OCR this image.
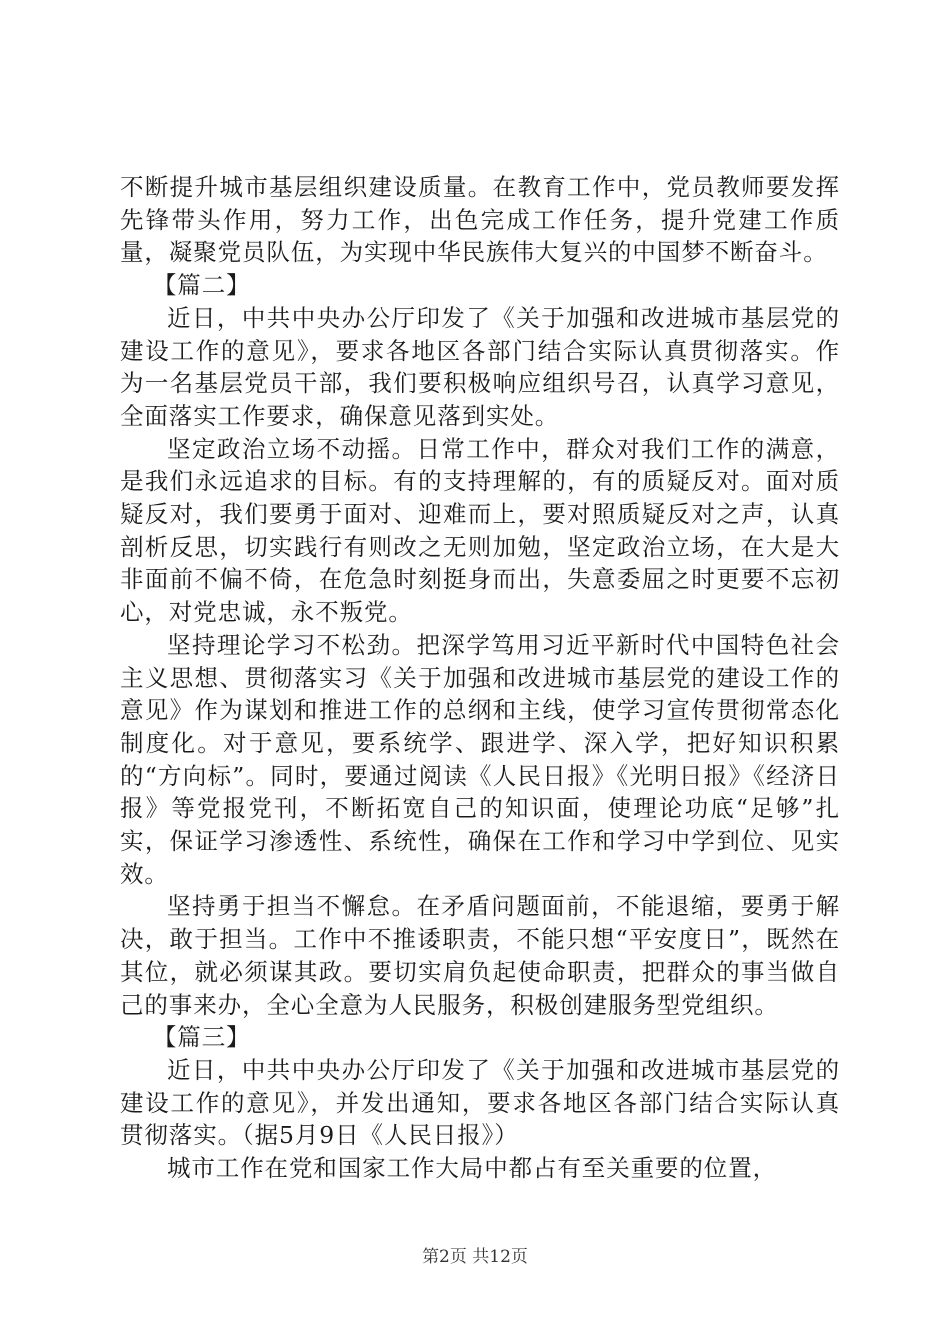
不断提升城市基层组织建设质量。在教育工作中，党员教师要发挥先锋带头作用，努力工作，出色完成工作任务，提升党建工作质量，凝聚党员队伍，为实现中华民族伟大复兴的中国梦不断奋斗。

【篇二】

近日，中共中央办公厅印发了《关于加强和改进城市基层党的建设工作的意见》，要求各地区各部门结合实际认真贯彻落实。作为一名基层党员干部，我们要积极响应组织号召，认真学习意见，全面落实工作要求，确保意见落到实处。

坚定政治立场不动摇。日常工作中，群众对我们工作的满意，是我们永远追求的目标。有的支持理解的，有的质疑反对。面对质疑反对，我们要勇于面对、迎难而上，要对照质疑反对之声，认真剖析反思，切实践行有则改之无则加勉，坚定政治立场，在大是大非面前不偏不倚，在危急时刻挺身而出，失意委屈之时更要不忘初心，对党忠诚，永不叛党。

坚持理论学习不松劲。把深学笃用习近平新时代中国特色社会主义思想、贯彻落实习《关于加强和改进城市基层党的建设工作的意见》作为谋划和推进工作的总纲和主线，使学习宣传贯彻常态化制度化。对于意见，要系统学、跟进学、深入学，把好知识积累的“方向标”。同时，要通过阅读《人民日报》《光明日报》《经济日报》等党报党刊，不断拓宽自己的知识面，使理论功底“足够”扎实，保证学习渗透性、系统性，确保在工作和学习中学到位、见实效。

坚持勇于担当不懈怠。在矛盾问题面前，不能退缩，要勇于解决，敢于担当。工作中不推诿职责，不能只想“平安度日”，既然在其位，就必须谋其政。要切实肩负起使命职责，把群众的事当做自己的事来办，全心全意为人民服务，积极创建服务型党组织。

【篇三】

近日，中共中央办公厅印发了《关于加强和改进城市基层党的建设工作的意见》，并发出通知，要求各地区各部门结合实际认真贯彻落实。（据5月9日《人民日报》）

城市工作在党和国家工作大局中都占有至关重要的位置，

第2页 共12页
